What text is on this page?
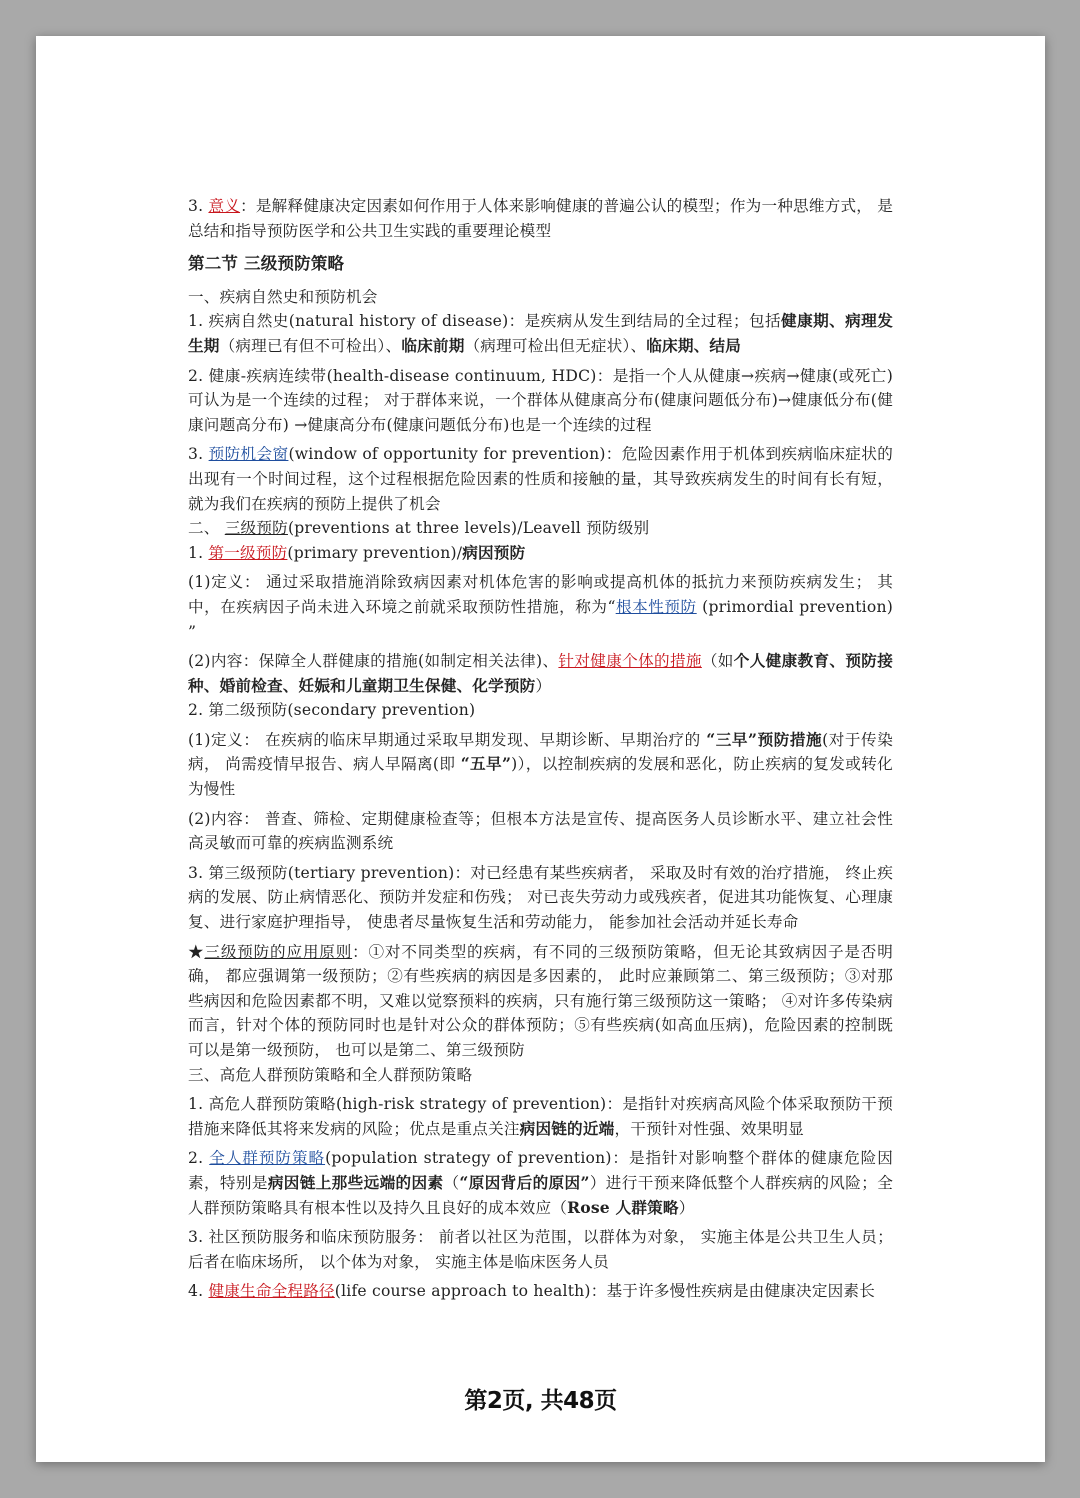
3. 意义：是解释健康决定因素如何作用于人体来影响健康的普遍公认的模型；作为一种思维方式， 是总结和指导预防医学和公共卫生实践的重要理论模型

第二节 三级预防策略

一、疾病自然史和预防机会

1. 疾病自然史(natural history of disease)：是疾病从发生到结局的全过程；包括健康期、病理发生期（病理已有但不可检出）、临床前期（病理可检出但无症状）、临床期、结局

2. 健康-疾病连续带(health-disease continuum, HDC)：是指一个人从健康→疾病→健康(或死亡)可认为是一个连续的过程； 对于群体来说，一个群体从健康高分布(健康问题低分布)→健康低分布(健康问题高分布) →健康高分布(健康问题低分布)也是一个连续的过程

3. 预防机会窗(window of opportunity for prevention)：危险因素作用于机体到疾病临床症状的出现有一个时间过程，这个过程根据危险因素的性质和接触的量，其导致疾病发生的时间有长有短，就为我们在疾病的预防上提供了机会

二、 三级预防(preventions at three levels)/Leavell 预防级别

1. 第一级预防(primary prevention)/病因预防

(1)定义： 通过采取措施消除致病因素对机体危害的影响或提高机体的抵抗力来预防疾病发生； 其中，在疾病因子尚未进入环境之前就采取预防性措施，称为“根本性预防 (primordial prevention) ”

(2)内容：保障全人群健康的措施(如制定相关法律)、针对健康个体的措施（如个人健康教育、预防接种、婚前检查、妊娠和儿童期卫生保健、化学预防）

2. 第二级预防(secondary prevention)

(1)定义： 在疾病的临床早期通过采取早期发现、早期诊断、早期治疗的 “三早”预防措施(对于传染病， 尚需疫情早报告、病人早隔离(即 “五早”)），以控制疾病的发展和恶化，防止疾病的复发或转化为慢性

(2)内容： 普查、筛检、定期健康检查等；但根本方法是宣传、提高医务人员诊断水平、建立社会性高灵敏而可靠的疾病监测系统

3. 第三级预防(tertiary prevention)：对已经患有某些疾病者， 采取及时有效的治疗措施， 终止疾病的发展、防止病情恶化、预防并发症和伤残； 对已丧失劳动力或残疾者，促进其功能恢复、心理康复、进行家庭护理指导， 使患者尽量恢复生活和劳动能力， 能参加社会活动并延长寿命

★三级预防的应用原则：①对不同类型的疾病，有不同的三级预防策略，但无论其致病因子是否明确， 都应强调第一级预防；②有些疾病的病因是多因素的， 此时应兼顾第二、第三级预防；③对那些病因和危险因素都不明，又难以觉察预料的疾病，只有施行第三级预防这一策略； ④对许多传染病而言，针对个体的预防同时也是针对公众的群体预防；⑤有些疾病(如高血压病)，危险因素的控制既可以是第一级预防， 也可以是第二、第三级预防

三、高危人群预防策略和全人群预防策略

1. 高危人群预防策略(high-risk strategy of prevention)：是指针对疾病高风险个体采取预防干预措施来降低其将来发病的风险；优点是重点关注病因链的近端，干预针对性强、效果明显

2. 全人群预防策略(population strategy of prevention)：是指针对影响整个群体的健康危险因素，特别是病因链上那些远端的因素（“原因背后的原因”）进行干预来降低整个人群疾病的风险；全人群预防策略具有根本性以及持久且良好的成本效应（Rose 人群策略）

3. 社区预防服务和临床预防服务： 前者以社区为范围，以群体为对象， 实施主体是公共卫生人员； 后者在临床场所， 以个体为对象， 实施主体是临床医务人员

4. 健康生命全程路径(life course approach to health)：基于许多慢性疾病是由健康决定因素长

第2页, 共48页
